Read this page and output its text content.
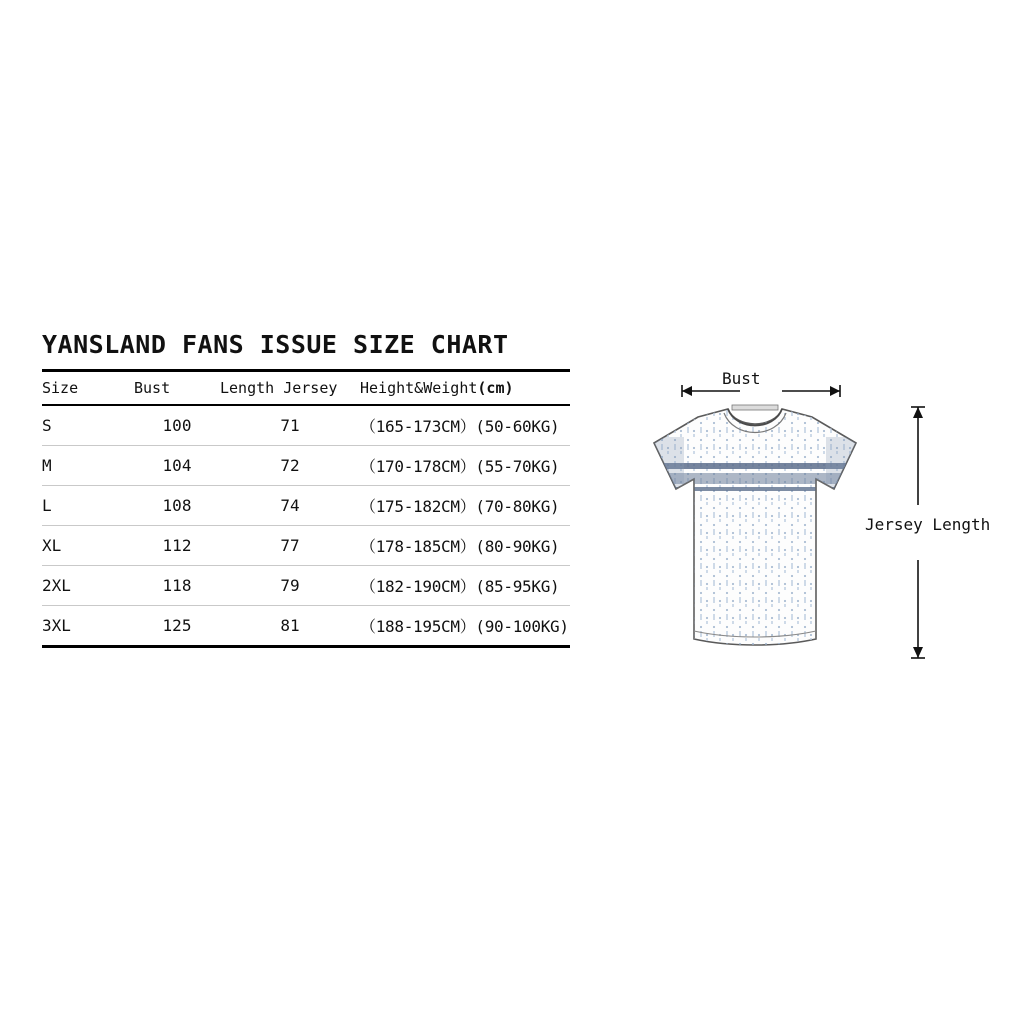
YANSLAND FANS ISSUE SIZE CHART
Size	Bust	Length Jersey	Height&Weight(cm)
S	100	71	（165-173CM）(50-60KG)
M	104	72	（170-178CM）(55-70KG)
L	108	74	（175-182CM）(70-80KG)
XL	112	77	（178-185CM）(80-90KG)
2XL	118	79	（182-190CM）(85-95KG)
3XL	125	81	（188-195CM）(90-100KG)
Bust
Jersey Length
